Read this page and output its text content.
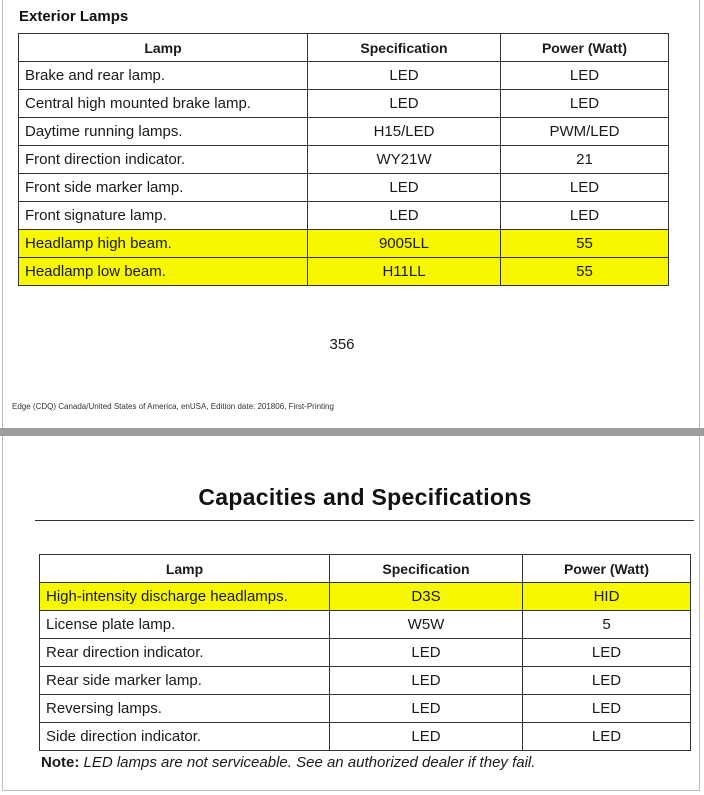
Exterior Lamps
Lamp	Specification	Power (Watt)
Brake and rear lamp.	LED	LED
Central high mounted brake lamp.	LED	LED
Daytime running lamps.	H15/LED	PWM/LED
Front direction indicator.	WY21W	21
Front side marker lamp.	LED	LED
Front signature lamp.	LED	LED
Headlamp high beam.	9005LL	55
Headlamp low beam.	H11LL	55
356
Edge (CDQ) Canada/United States of America, enUSA, Edition date: 201806, First-Printing
Capacities and Specifications
Lamp	Specification	Power (Watt)
High-intensity discharge headlamps.	D3S	HID
License plate lamp.	W5W	5
Rear direction indicator.	LED	LED
Rear side marker lamp.	LED	LED
Reversing lamps.	LED	LED
Side direction indicator.	LED	LED
Note: LED lamps are not serviceable. See an authorized dealer if they fail.
